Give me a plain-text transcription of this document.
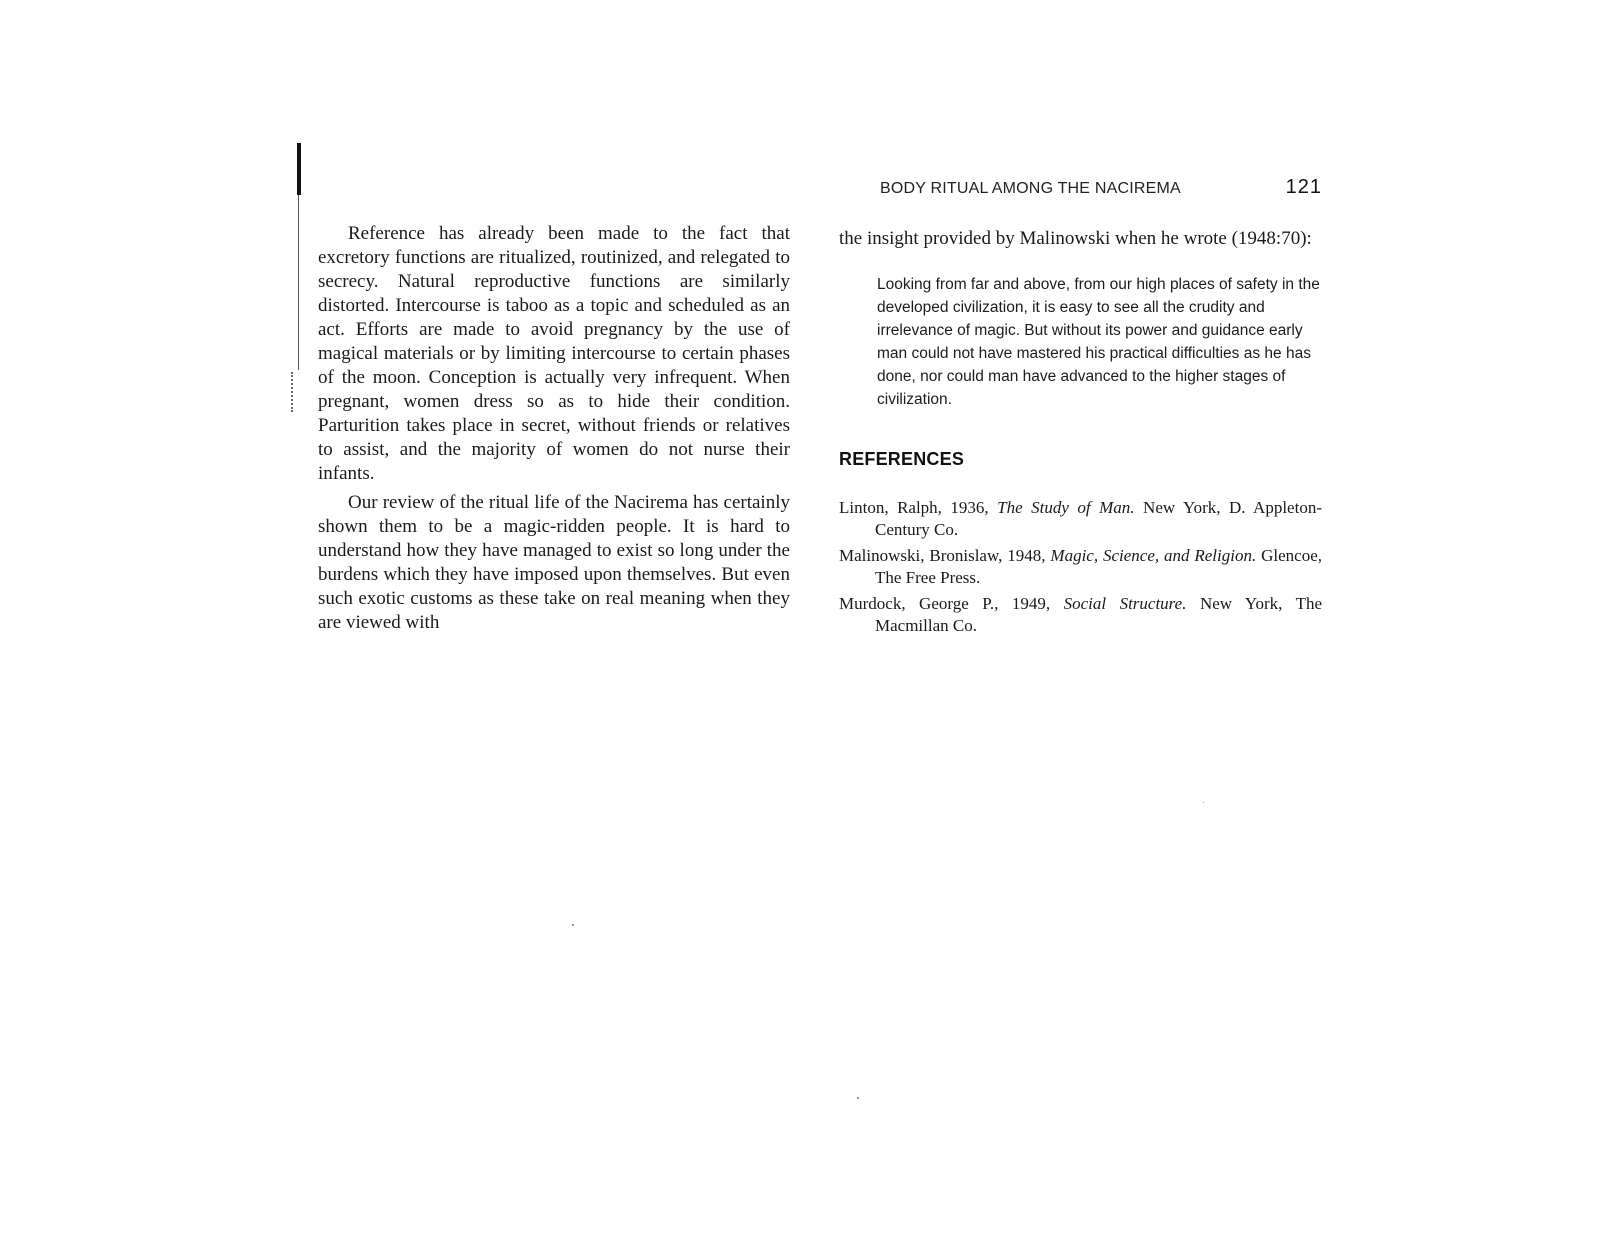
BODY RITUAL AMONG THE NACIREMA	121

Reference has already been made to the fact that excretory functions are ritualized, routinized, and relegated to secrecy. Natural reproductive functions are similarly distorted. Intercourse is taboo as a topic and scheduled as an act. Efforts are made to avoid pregnancy by the use of magical materials or by limiting intercourse to certain phases of the moon. Conception is actually very infrequent. When pregnant, women dress so as to hide their condition. Parturition takes place in secret, without friends or relatives to assist, and the majority of women do not nurse their infants.

Our review of the ritual life of the Nacirema has certainly shown them to be a magic-ridden people. It is hard to understand how they have managed to exist so long under the burdens which they have imposed upon themselves. But even such exotic customs as these take on real meaning when they are viewed with

the insight provided by Malinowski when he wrote (1948:70):

Looking from far and above, from our high places of safety in the developed civilization, it is easy to see all the crudity and irrelevance of magic. But without its power and guidance early man could not have mastered his practical difficulties as he has done, nor could man have advanced to the higher stages of civilization.
REFERENCES
Linton, Ralph, 1936, The Study of Man. New York, D. Appleton-Century Co.
Malinowski, Bronislaw, 1948, Magic, Science, and Religion. Glencoe, The Free Press.
Murdock, George P., 1949, Social Structure. New York, The Macmillan Co.
